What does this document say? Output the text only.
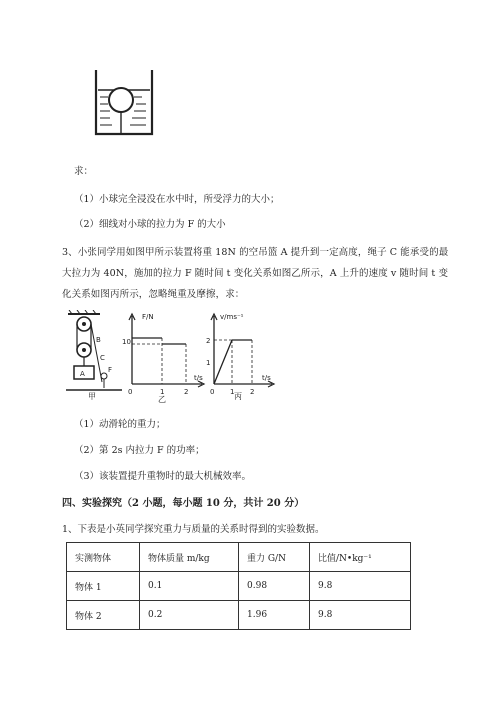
求：
（1）小球完全浸没在水中时，所受浮力的大小；
（2）细线对小球的拉力为 F 的大小
3、小张同学用如图甲所示装置将重 18N 的空吊篮 A 提升到一定高度，绳子 C 能承受的最大拉力为 40N，施加的拉力 F 随时间 t 变化关系如图乙所示，A 上升的速度 v 随时间 t 变化关系如图丙所示，忽略绳重及摩擦，求：
C
B
A	F
甲
F/N
t/s
10
0	1	2
乙
v/ms⁻¹
t/s
2
1
0 1 2
丙
（1）动滑轮的重力；
（2）第 2s 内拉力 F 的功率；
（3）该装置提升重物时的最大机械效率。
四、实验探究（2 小题，每小题 10 分，共计 20 分）
1、下表是小英同学探究重力与质量的关系时得到的实验数据。
实测物体	物体质量 m/kg	重力 G/N	比值/N•kg⁻¹
物体 1	0.1	0.98	9.8
物体 2	0.2	1.96	9.8
